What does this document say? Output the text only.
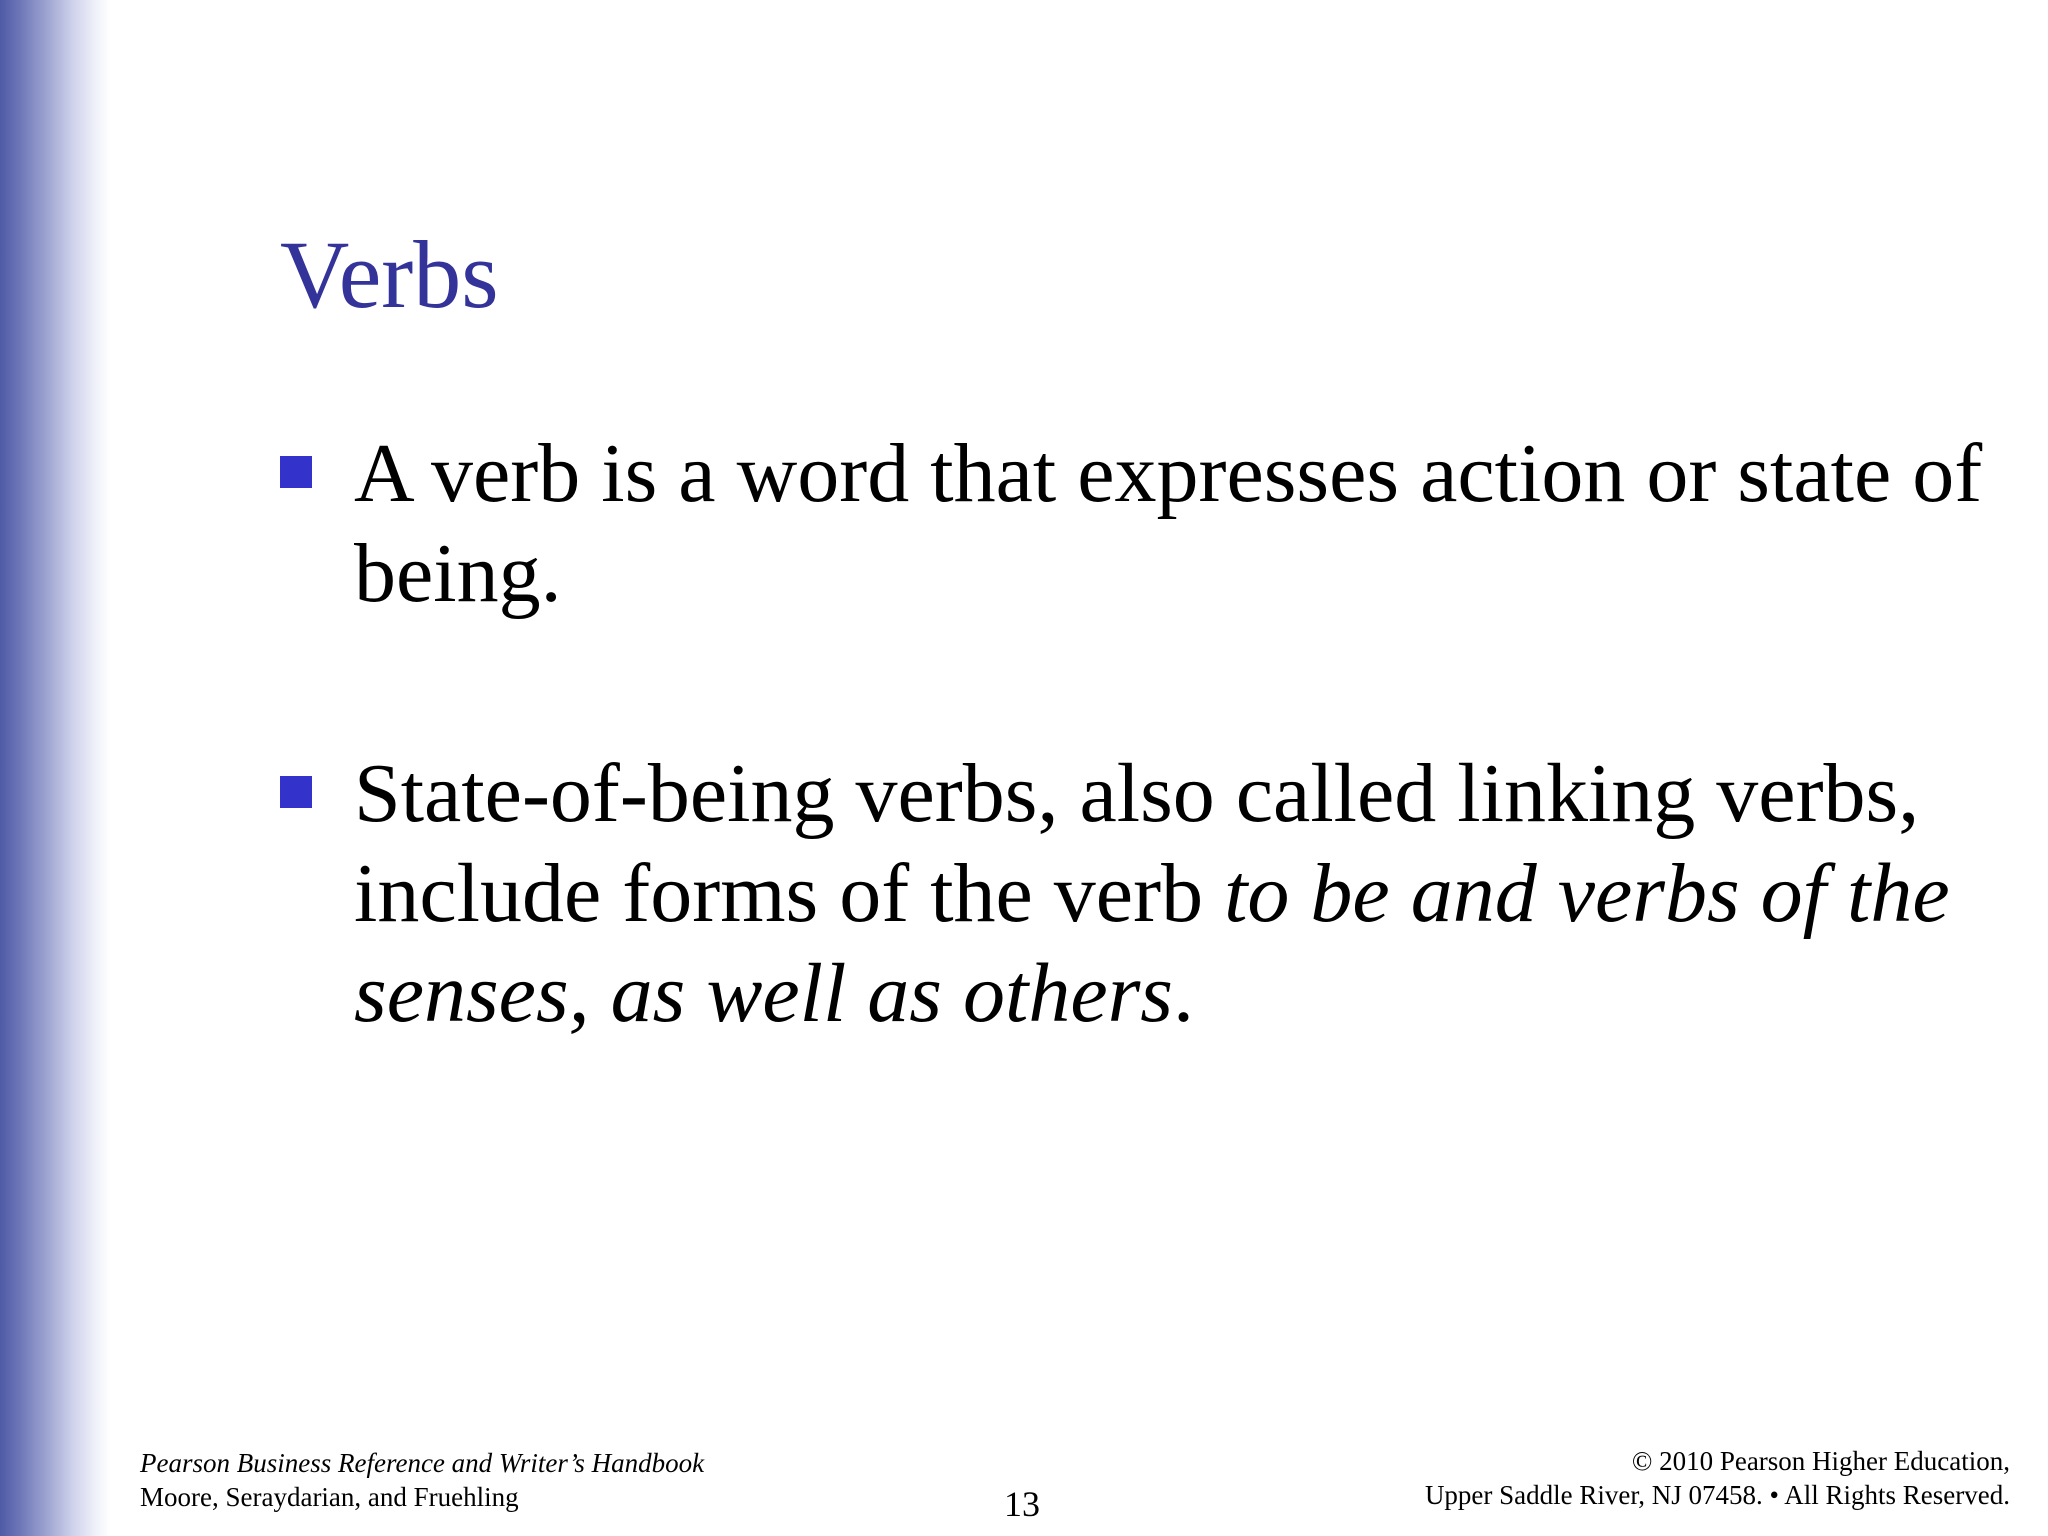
Verbs

A verb is a word that expresses action or state of being.

State-of-being verbs, also called linking verbs, include forms of the verb to be and verbs of the senses, as well as others.

Pearson Business Reference and Writer’s Handbook
Moore, Seraydarian, and Fruehling	13
© 2010 Pearson Higher Education,
Upper Saddle River, NJ 07458. • All Rights Reserved.
